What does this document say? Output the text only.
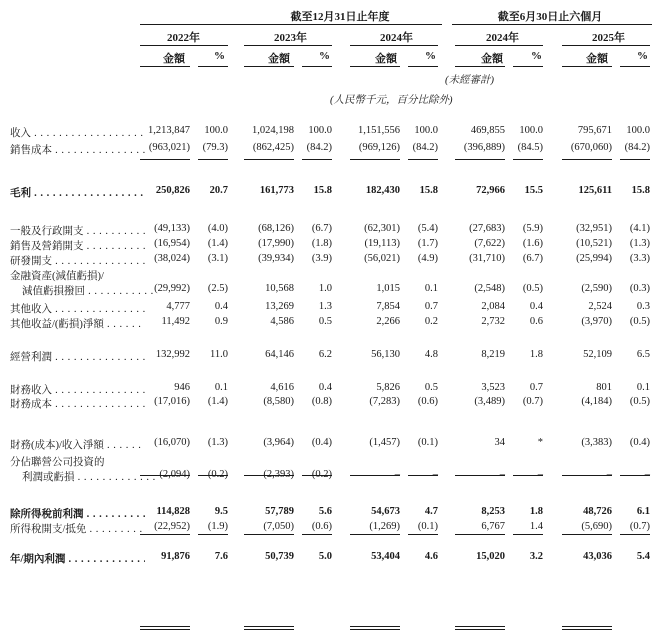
截至12月31日止年度	截至6月30日止六個月
2022年	2023年	2024年	2024年	2025年
金額	%	金額	%	金額	%	金額	%	金額	%
(未經審計)
(人民幣千元，百分比除外)
收入 . . .	1,213,847	100.0	1,024,198	100.0	1,151,556	100.0	469,855	100.0	795,671	100.0
銷售成本 . . .	(963,021)	(79.3)	(862,425)	(84.2)	(969,126)	(84.2)	(396,889)	(84.5)	(670,060)	(84.2)
毛利 . . .	250,826	20.7	161,773	15.8	182,430	15.8	72,966	15.5	125,611	15.8
一般及行政開支 . . .	(49,133)	(4.0)	(68,126)	(6.7)	(62,301)	(5.4)	(27,683)	(5.9)	(32,951)	(4.1)
銷售及營銷開支 . . .	(16,954)	(1.4)	(17,990)	(1.8)	(19,113)	(1.7)	(7,622)	(1.6)	(10,521)	(1.3)
研發開支 . . .	(38,024)	(3.1)	(39,934)	(3.9)	(56,021)	(4.9)	(31,710)	(6.7)	(25,994)	(3.3)
金融資產(減值虧損)/
減值虧損撥回 . . .	(29,992)	(2.5)	10,568	1.0	1,015	0.1	(2,548)	(0.5)	(2,590)	(0.3)
其他收入 . . .	4,777	0.4	13,269	1.3	7,854	0.7	2,084	0.4	2,524	0.3
其他收益/(虧損)淨額 . . .	11,492	0.9	4,586	0.5	2,266	0.2	2,732	0.6	(3,970)	(0.5)
經營利潤 . . .	132,992	11.0	64,146	6.2	56,130	4.8	8,219	1.8	52,109	6.5
財務收入 . . .	946	0.1	4,616	0.4	5,826	0.5	3,523	0.7	801	0.1
財務成本 . . .	(17,016)	(1.4)	(8,580)	(0.8)	(7,283)	(0.6)	(3,489)	(0.7)	(4,184)	(0.5)
財務(成本)/收入淨額 . . .	(16,070)	(1.3)	(3,964)	(0.4)	(1,457)	(0.1)	34	*	(3,383)	(0.4)
分佔聯營公司投資的
利潤或虧損 . . .	(2,094)	(0.2)	(2,393)	(0.2)	–	–	–	–	–	–
除所得稅前利潤 . . .	114,828	9.5	57,789	5.6	54,673	4.7	8,253	1.8	48,726	6.1
所得稅開支/抵免 . . .	(22,952)	(1.9)	(7,050)	(0.6)	(1,269)	(0.1)	6,767	1.4	(5,690)	(0.7)
年/期內利潤 . . .	91,876	7.6	50,739	5.0	53,404	4.6	15,020	3.2	43,036	5.4
